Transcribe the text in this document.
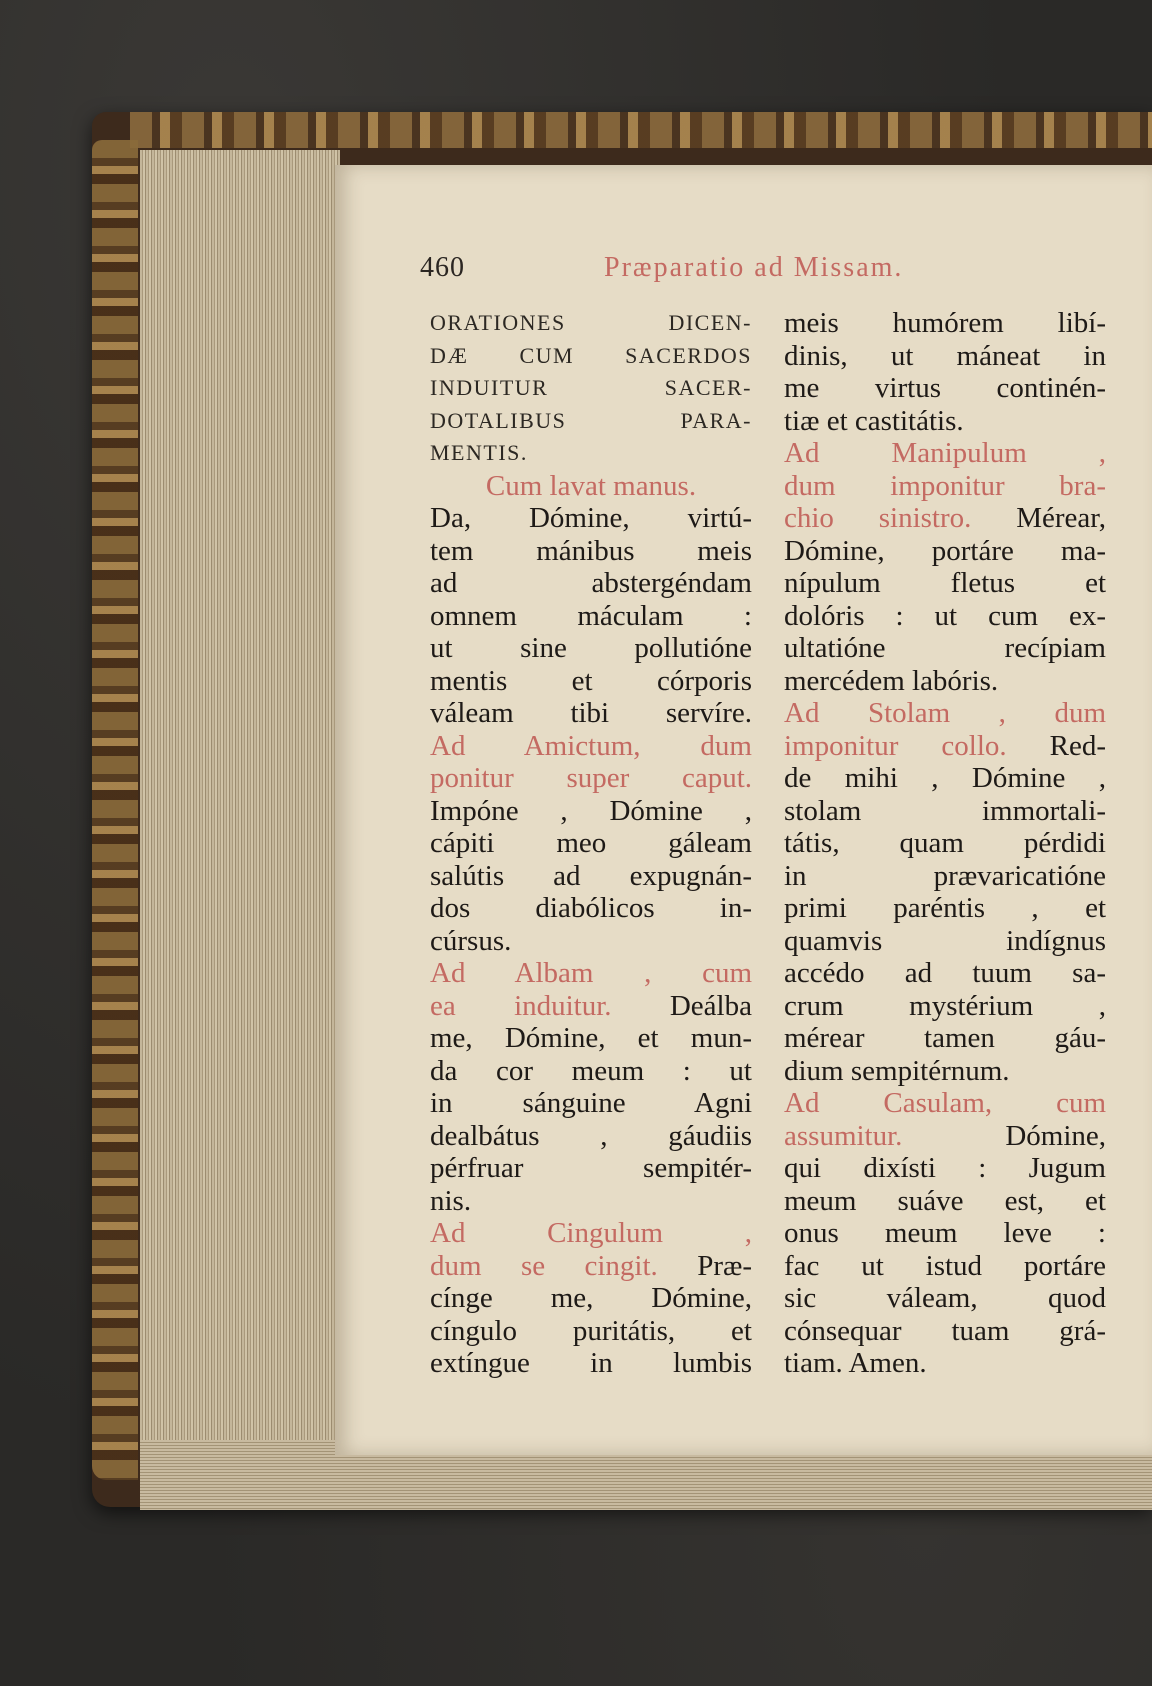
460	Præparatio ad Missam.
ORATIONES DICEN-
DÆ CUM SACERDOS
INDUITUR SACER-
DOTALIBUS PARA-
MENTIS.
Cum lavat manus.
Da, Dómine, virtú-
tem mánibus meis
ad abstergéndam
omnem máculam :
ut sine pollutióne
mentis et córporis
váleam tibi servíre.
Ad Amictum, dum
ponitur super caput.
Impóne , Dómine ,
cápiti meo gáleam
salútis ad expugnán-
dos diabólicos in-
cúrsus.
Ad Albam , cum
ea induitur. Deálba
me, Dómine, et mun-
da cor meum : ut
in sánguine Agni
dealbátus , gáudiis
pérfruar sempitér-
nis.
Ad Cingulum ,
dum se cingit. Præ-
cínge me, Dómine,
cíngulo puritátis, et
extíngue in lumbis
meis humórem libí-
dinis, ut máneat in
me virtus continén-
tiæ et castitátis.
Ad Manipulum ,
dum imponitur bra-
chio sinistro. Mérear,
Dómine, portáre ma-
nípulum fletus et
dolóris : ut cum ex-
ultatióne recípiam
mercédem labóris.
Ad Stolam , dum
imponitur collo. Red-
de mihi , Dómine ,
stolam immortali-
tátis, quam pérdidi
in prævaricatióne
primi paréntis , et
quamvis indígnus
accédo ad tuum sa-
crum mystérium ,
mérear tamen gáu-
dium sempitérnum.
Ad Casulam, cum
assumitur. Dómine,
qui dixísti : Jugum
meum suáve est, et
onus meum leve :
fac ut istud portáre
sic váleam, quod
cónsequar tuam grá-
tiam. Amen.
